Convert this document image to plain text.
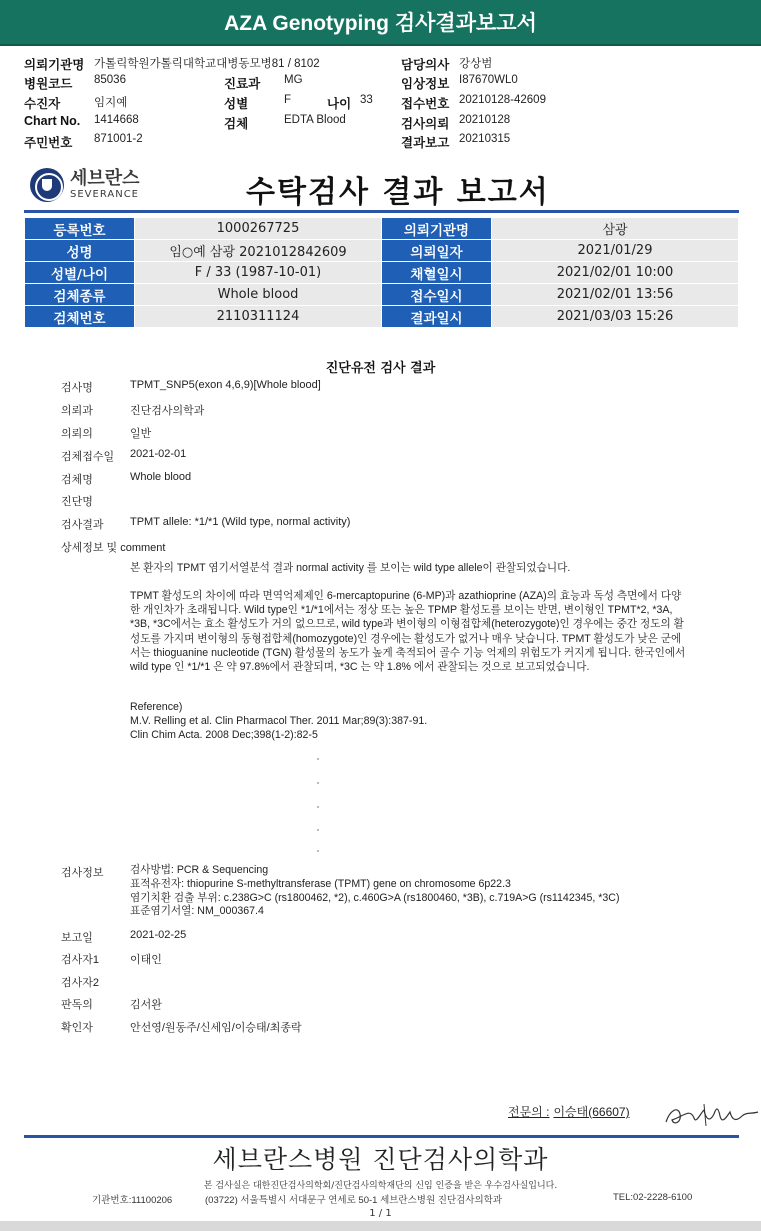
AZA Genotyping 검사결과보고서
의뢰기관명 가톨릭학원가톨릭대학교대병동모병81 / 8102	담당의사 강상범
병원코드 85036	진료과 MG	임상정보 I87670WL0
수진자	임지예	성별	F	나이 33 접수번호 20210128-42609
Chart No. 1414668	검체	EDTA Blood	검사의뢰 20210128
주민번호 871001-2	결과보고 20210315
세브란스
SEVERANCE	수탁검사 결과 보고서
등록번호	1000267725	의뢰기관명	삼광
성명	임○예 삼광 2021012842609	의뢰일자	2021/01/29
성별/나이	F / 33 (1987-10-01)	채혈일시	2021/02/01 10:00
검체종류	Whole blood	접수일시	2021/02/01 13:56
검체번호	2110311124	결과일시	2021/03/03 15:26
진단유전 검사 결과
검사명	TPMT_SNP5(exon 4,6,9)[Whole blood]
의뢰과	진단검사의학과
의뢰의	일반
검체접수일 2021-02-01
검체명	Whole blood
진단명
검사결과 TPMT allele: *1/*1 (Wild type, normal activity)
상세정보 및 comment
본 환자의 TPMT 염기서열분석 결과 normal activity 를 보이는 wild type allele이 관찰되었습니다.
TPMT 활성도의 차이에 따라 면역억제제인 6-mercaptopurine (6-MP)과 azathioprine (AZA)의 효능과 독성 측면에서 다양한 개인차가 초래됩니다. Wild type인 *1/*1에서는 정상 또는 높은 TPMP 활성도를 보이는 반면, 변이형인 TPMT*2, *3A, *3B, *3C에서는 효소 활성도가 거의 없으므로, wild type과 변이형의 이형접합체(heterozygote)인 경우에는 중간 정도의 활성도를 가지며 변이형의 동형접합체(homozygote)인 경우에는 활성도가 없거나 매우 낮습니다. TPMT 활성도가 낮은 군에서는 thioguanine nucleotide (TGN) 활성물의 농도가 높게 축적되어 골수 기능 억제의 위험도가 커지게 됩니다. 한국인에서 wild type 인 *1/*1 은 약 97.8%에서 관찰되며, *3C 는 약 1.8% 에서 관찰되는 것으로 보고되었습니다.
Reference)
M.V. Relling et al. Clin Pharmacol Ther. 2011 Mar;89(3):387-91.
Clin Chim Acta. 2008 Dec;398(1-2):82-5
검사정보 검사방법: PCR & Sequencing
표적유전자: thiopurine S-methyltransferase (TPMT) gene on chromosome 6p22.3
염기치환 검출 부위: c.238G>C (rs1800462, *2), c.460G>A (rs1800460, *3B), c.719A>G (rs1142345, *3C)
표준염기서열: NM_000367.4
보고일	2021-02-25
검사자1	이태인
검사자2
판독의	김서완
확인자	안선영/원동주/신세임/이승태/최종락
전문의 : 이승태(66607)
세브란스병원 진단검사의학과
본 검사실은 대한진단검사의학회/진단검사의학재단의 신임 인증을 받은 우수검사실입니다.
기관번호:11100206	(03722) 서울특별시 서대문구 연세로 50-1 세브란스병원 진단검사의학과	TEL:02-2228-6100
1 / 1
